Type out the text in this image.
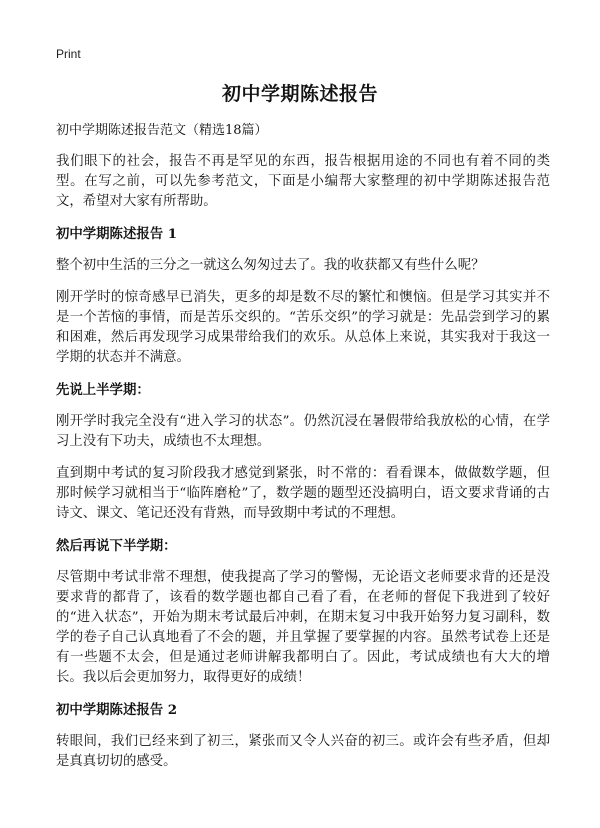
Print
初中学期陈述报告

初中学期陈述报告范文（精选18篇）

我们眼下的社会，报告不再是罕见的东西，报告根据用途的不同也有着不同的类型。在写之前，可以先参考范文，下面是小编帮大家整理的初中学期陈述报告范文，希望对大家有所帮助。

初中学期陈述报告 1

整个初中生活的三分之一就这么匆匆过去了。我的收获都又有些什么呢？

刚开学时的惊奇感早已消失，更多的却是数不尽的繁忙和懊恼。但是学习其实并不是一个苦恼的事情，而是苦乐交织的。“苦乐交织”的学习就是：先品尝到学习的累和困难，然后再发现学习成果带给我们的欢乐。从总体上来说，其实我对于我这一学期的状态并不满意。

先说上半学期：

刚开学时我完全没有“进入学习的状态”。仍然沉浸在暑假带给我放松的心情，在学习上没有下功夫，成绩也不太理想。

直到期中考试的复习阶段我才感觉到紧张，时不常的：看看课本，做做数学题，但那时候学习就相当于“临阵磨枪”了，数学题的题型还没搞明白，语文要求背诵的古诗文、课文、笔记还没有背熟，而导致期中考试的不理想。

然后再说下半学期：

尽管期中考试非常不理想，使我提高了学习的警惕，无论语文老师要求背的还是没要求背的都背了，该看的数学题也都自己看了看，在老师的督促下我进到了较好的“进入状态”，开始为期末考试最后冲刺，在期末复习中我开始努力复习副科，数学的卷子自己认真地看了不会的题，并且掌握了要掌握的内容。虽然考试卷上还是有一些题不太会，但是通过老师讲解我都明白了。因此，考试成绩也有大大的增长。我以后会更加努力，取得更好的成绩！

初中学期陈述报告 2

转眼间，我们已经来到了初三，紧张而又令人兴奋的初三。或许会有些矛盾，但却是真真切切的感受。
